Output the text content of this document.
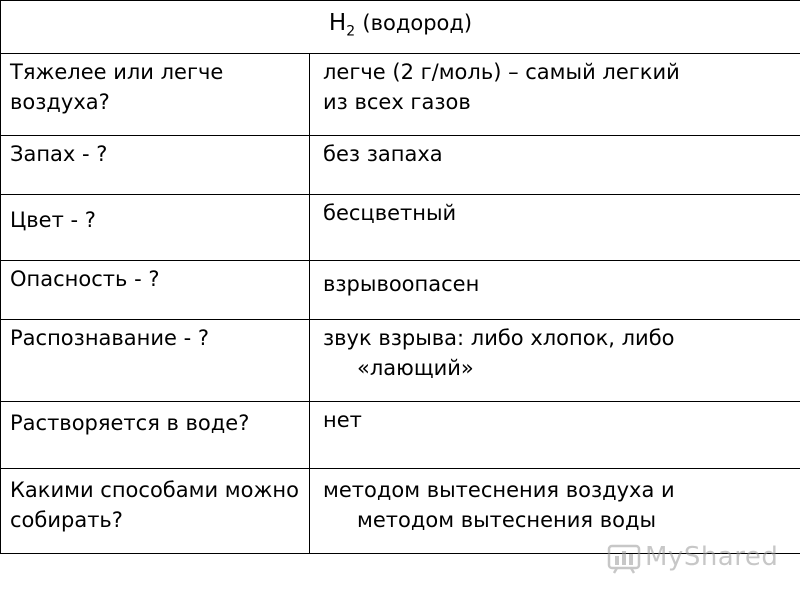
$H_2$ (водород)	
Тяжелее или легче воздуха?	легче (2 г/моль) – самый легкий
из всех газов

Запах - ?	без запаха
Цвет - ?	бесцветный
Опасность - ?	взрывоопасен
Распознавание - ?	звук взрыва: либо хлопок, либо
«лающий»

Растворяется в воде?	нет
Какими способами можно собирать?	методом вытеснения воздуха и
методом вытеснения воды
MyShared
